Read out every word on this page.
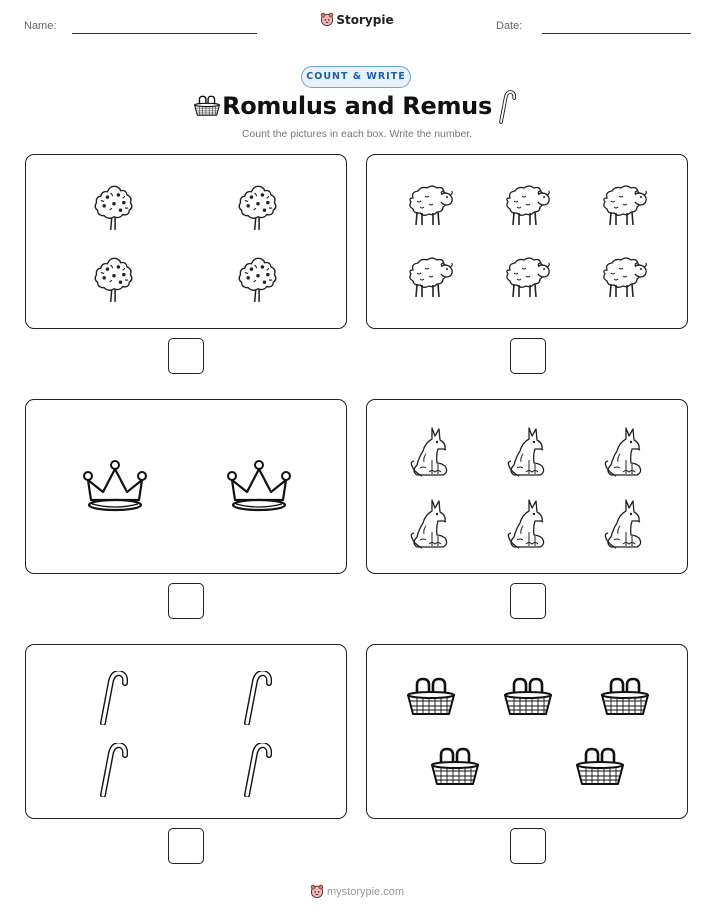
Name:	Storypie	Date:
COUNT & WRITE
Romulus and Remus
Count the pictures in each box. Write the number.
mystorypie.com
